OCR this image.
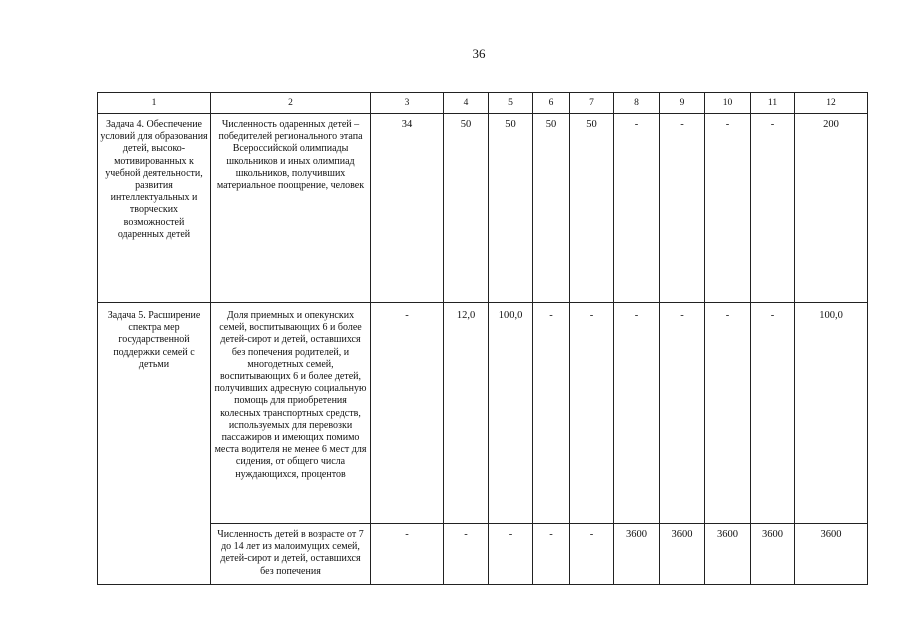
36
1	2	3	4	5	6	7	8	9	10	11	12
Задача 4. Обеспечение условий для образования детей, высоко-мотивированных к учебной деятельности, развития интеллектуальных и творческих возможностей одаренных детей	Численность одаренных детей – победителей регионального этапа Всероссийской олимпиады школьников и иных олимпиад школьников, получивших материальное поощрение, человек	34	50	50	50	50	-	-	-	-	200
Задача 5. Расширение спектра мер государственной поддержки семей с детьми	Доля приемных и опекунских семей, воспитывающих 6 и более детей-сирот и детей, оставшихся без попечения родителей, и многодетных семей, воспитывающих 6 и более детей, получивших адресную социальную помощь для приобретения колесных транспортных средств, используемых для перевозки пассажиров и имеющих помимо места водителя не менее 6 мест для сидения, от общего числа нуждающихся, процентов	-	12,0	100,0	-	-	-	-	-	-	100,0
	Численность детей в возрасте от 7 до 14 лет из малоимущих семей, детей-сирот и детей, оставшихся без попечения	-	-	-	-	-	3600	3600	3600	3600	3600
